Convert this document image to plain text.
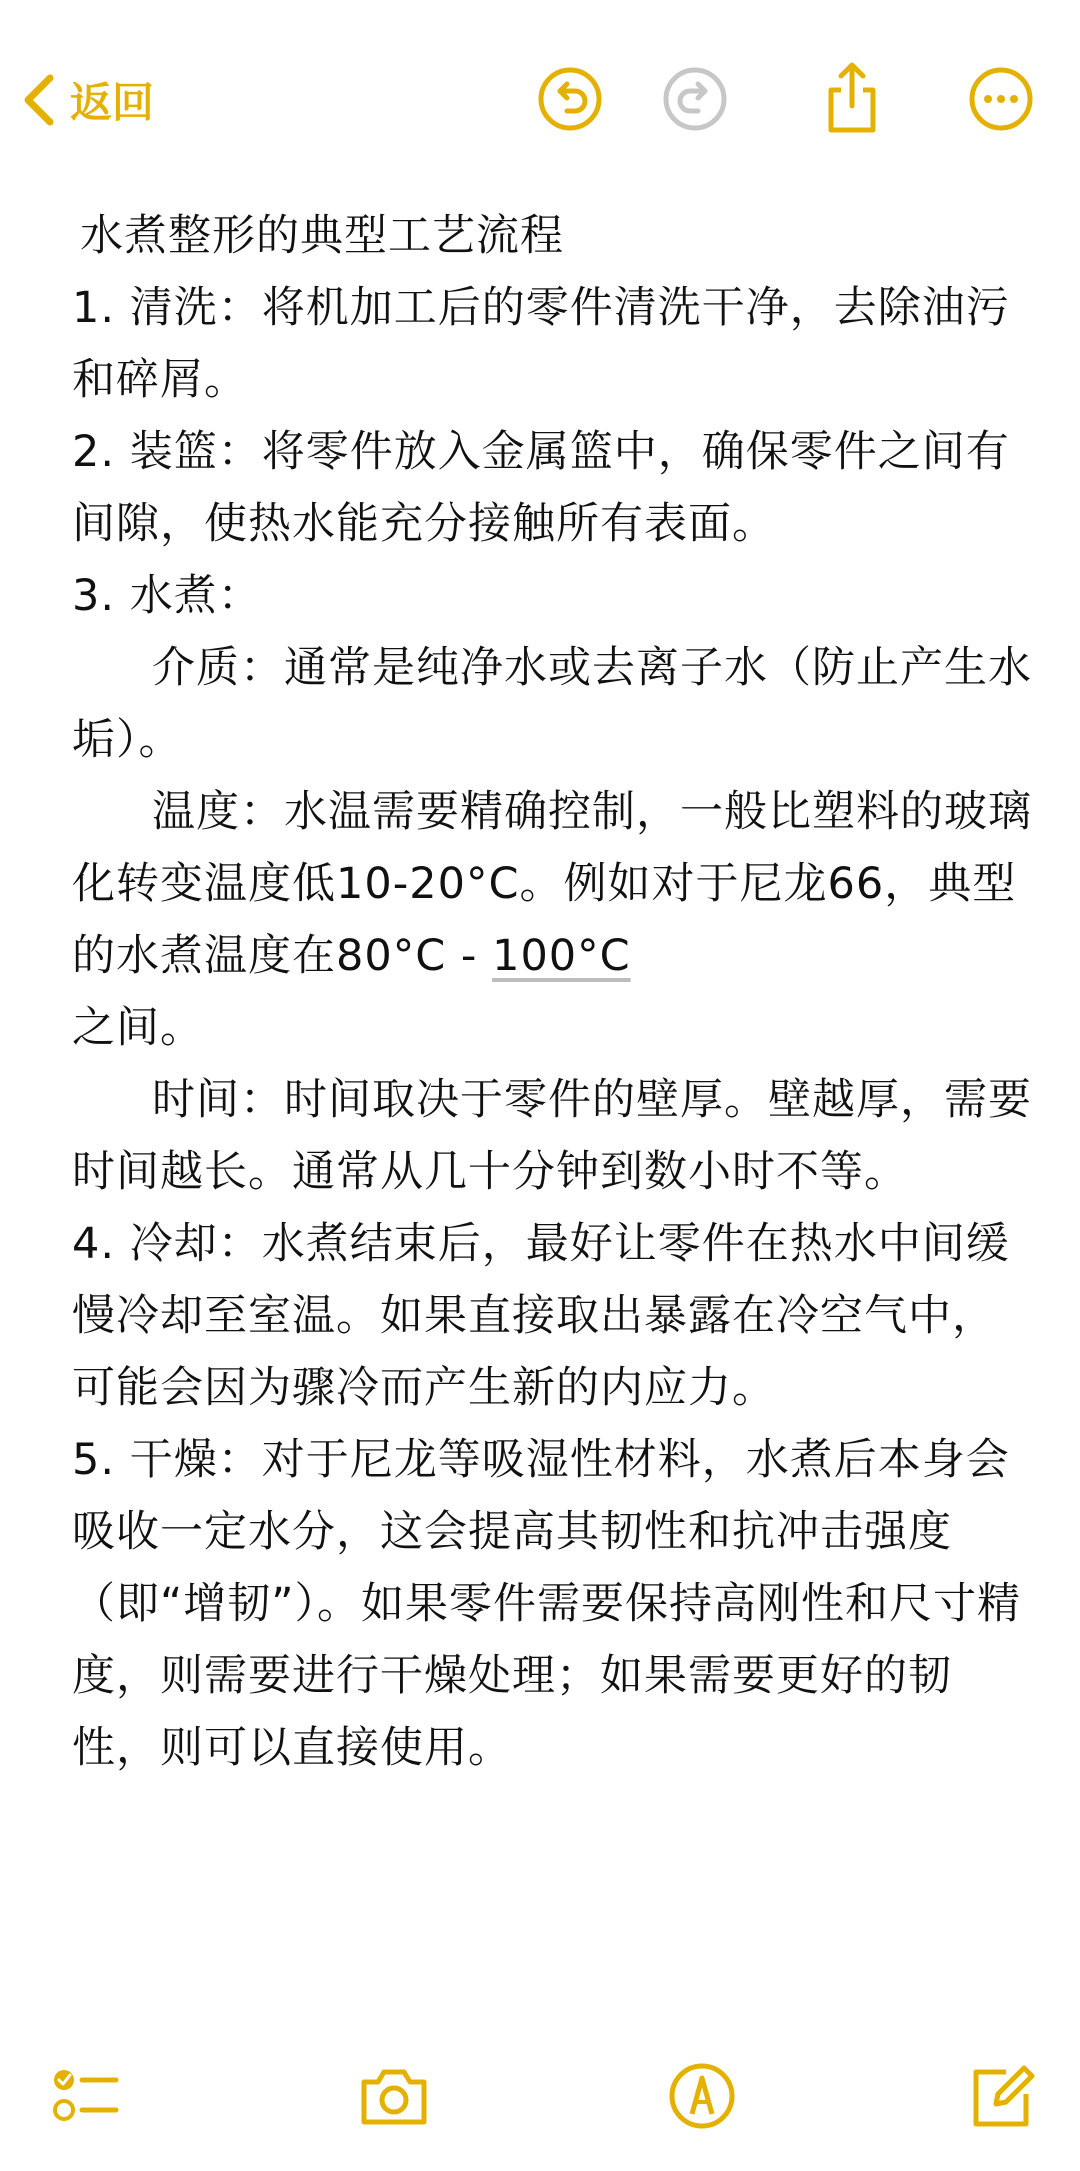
返回

水煮整形的典型工艺流程

1. 清洗：将机加工后的零件清洗干净，去除油污和碎屑。

2. 装篮：将零件放入金属篮中，确保零件之间有间隙，使热水能充分接触所有表面。

3. 水煮：

介质：通常是纯净水或去离子水（防止产生水垢）。

温度：水温需要精确控制，一般比塑料的玻璃化转变温度低10-20°C。例如对于尼龙66，典型的水煮温度在80°C - 100°C
之间。

时间：时间取决于零件的壁厚。壁越厚，需要时间越长。通常从几十分钟到数小时不等。

4. 冷却：水煮结束后，最好让零件在热水中间缓慢冷却至室温。如果直接取出暴露在冷空气中，可能会因为骤冷而产生新的内应力。

5. 干燥：对于尼龙等吸湿性材料，水煮后本身会吸收一定水分，这会提高其韧性和抗冲击强度（即“增韧”）。如果零件需要保持高刚性和尺寸精度，则需要进行干燥处理；如果需要更好的韧性，则可以直接使用。
